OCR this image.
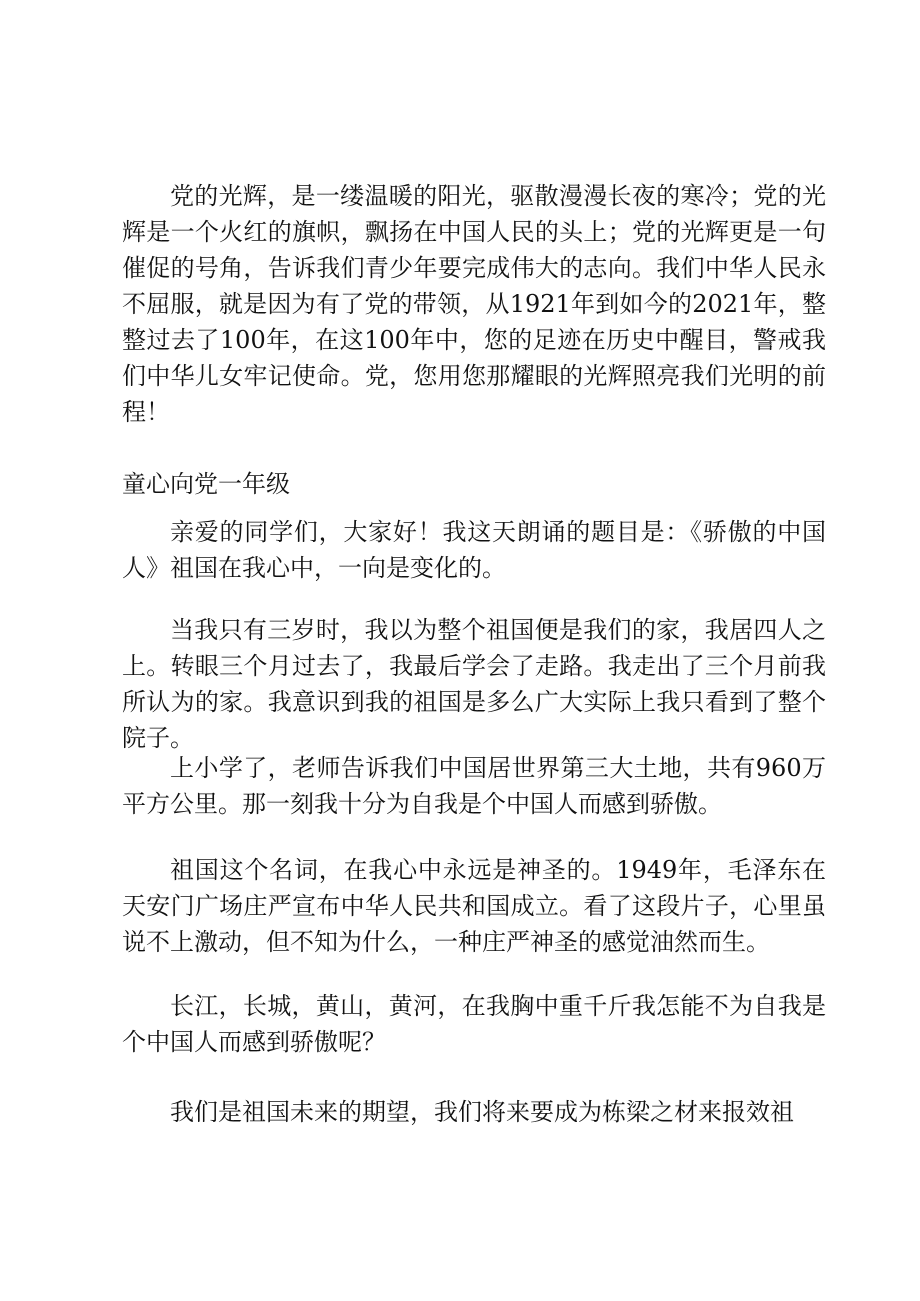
党的光辉，是一缕温暖的阳光，驱散漫漫长夜的寒冷；党的光辉是一个火红的旗帜，飘扬在中国人民的头上；党的光辉更是一句催促的号角，告诉我们青少年要完成伟大的志向。我们中华人民永不屈服，就是因为有了党的带领，从1921年到如今的2021年，整整过去了100年，在这100年中，您的足迹在历史中醒目，警戒我们中华儿女牢记使命。党，您用您那耀眼的光辉照亮我们光明的前程！

童心向党一年级

亲爱的同学们，大家好！我这天朗诵的题目是：《骄傲的中国人》祖国在我心中，一向是变化的。

当我只有三岁时，我以为整个祖国便是我们的家，我居四人之上。转眼三个月过去了，我最后学会了走路。我走出了三个月前我所认为的家。我意识到我的祖国是多么广大实际上我只看到了整个院子。

上小学了，老师告诉我们中国居世界第三大土地，共有960万平方公里。那一刻我十分为自我是个中国人而感到骄傲。

祖国这个名词，在我心中永远是神圣的。1949年，毛泽东在天安门广场庄严宣布中华人民共和国成立。看了这段片子，心里虽说不上激动，但不知为什么，一种庄严神圣的感觉油然而生。

长江，长城，黄山，黄河，在我胸中重千斤我怎能不为自我是个中国人而感到骄傲呢？

我们是祖国未来的期望，我们将来要成为栋梁之材来报效祖
